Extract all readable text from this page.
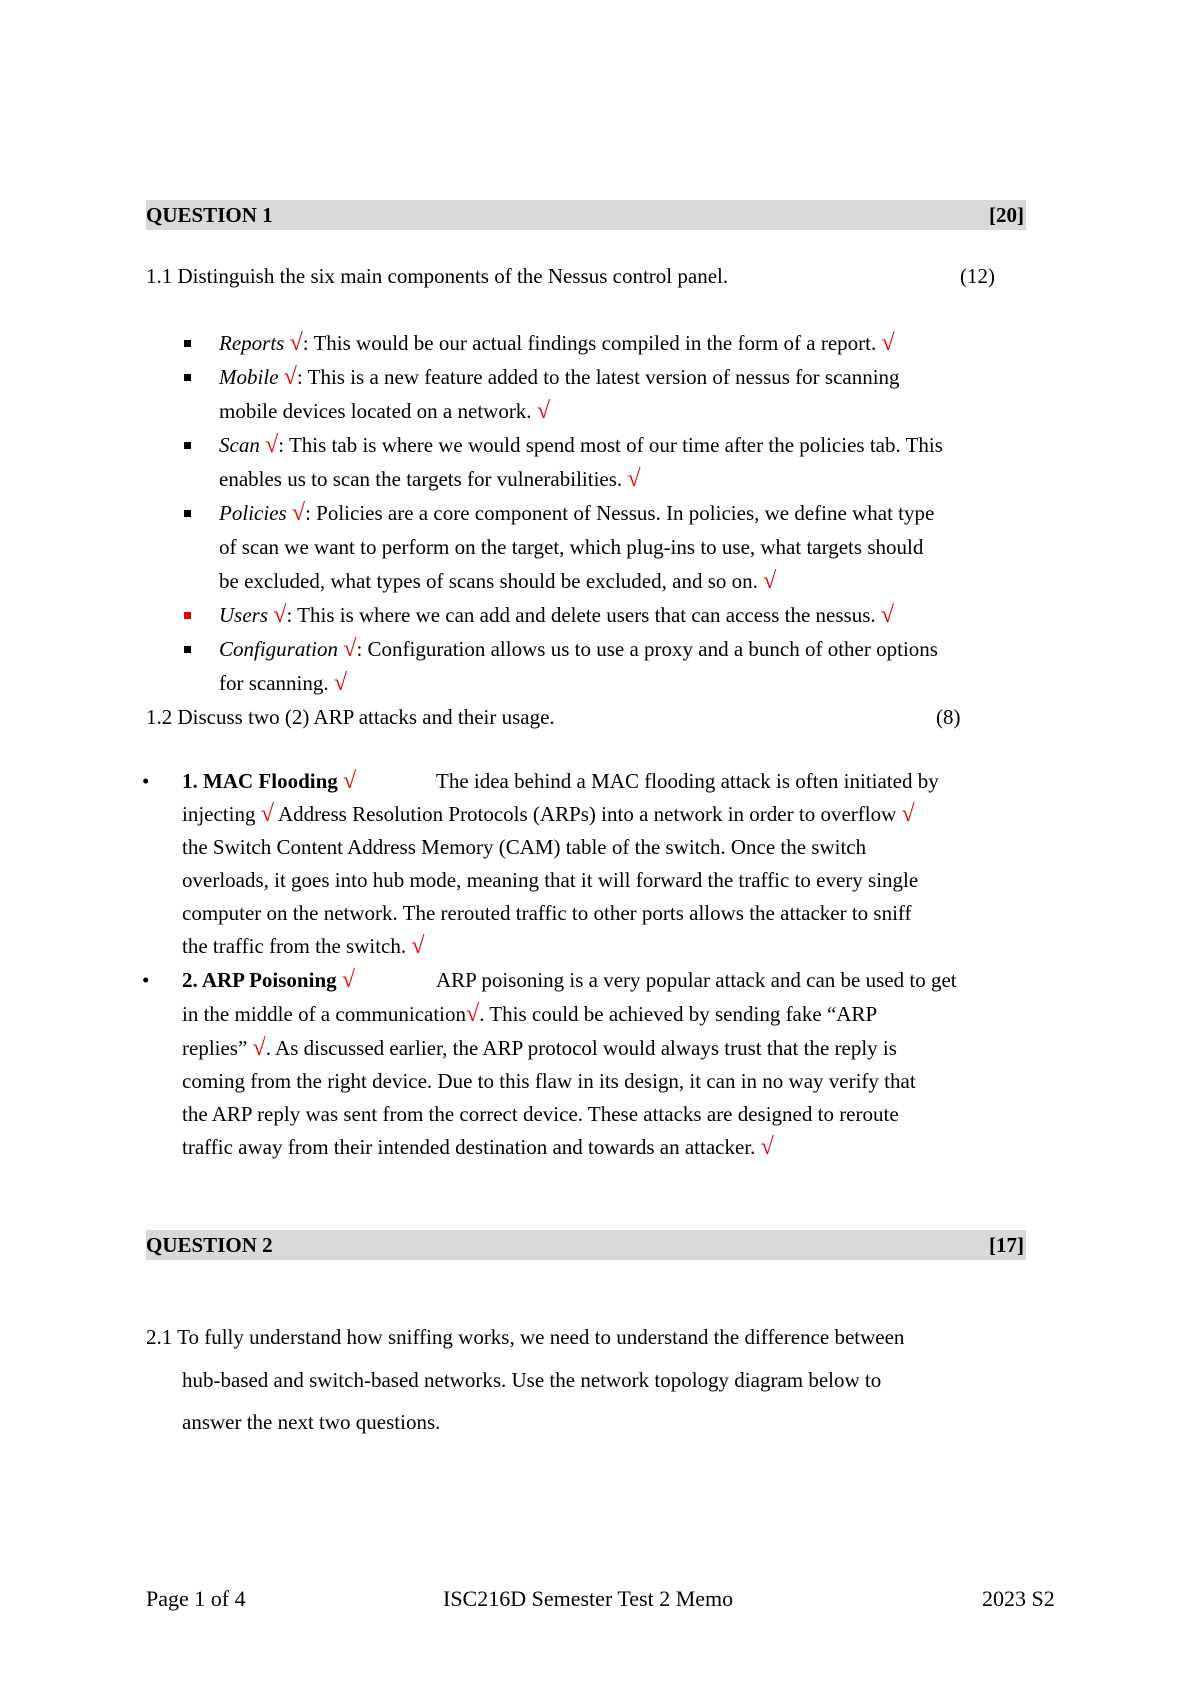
QUESTION 1	[20]
1.1 Distinguish the six main components of the Nessus control panel.	(12)
Reports √: This would be our actual findings compiled in the form of a report. √
Mobile √: This is a new feature added to the latest version of nessus for scanning
mobile devices located on a network. √
Scan √: This tab is where we would spend most of our time after the policies tab. This
enables us to scan the targets for vulnerabilities. √
Policies √: Policies are a core component of Nessus. In policies, we define what type
of scan we want to perform on the target, which plug-ins to use, what targets should
be excluded, what types of scans should be excluded, and so on. √
Users √: This is where we can add and delete users that can access the nessus. √
Configuration √: Configuration allows us to use a proxy and a bunch of other options
for scanning. √
1.2 Discuss two (2) ARP attacks and their usage.	(8)
• 1. MAC Flooding √	The idea behind a MAC flooding attack is often initiated by
injecting √ Address Resolution Protocols (ARPs) into a network in order to overflow √
the Switch Content Address Memory (CAM) table of the switch. Once the switch
overloads, it goes into hub mode, meaning that it will forward the traffic to every single
computer on the network. The rerouted traffic to other ports allows the attacker to sniff
the traffic from the switch. √
• 2. ARP Poisoning √	ARP poisoning is a very popular attack and can be used to get
in the middle of a communication√. This could be achieved by sending fake “ARP
replies” √. As discussed earlier, the ARP protocol would always trust that the reply is
coming from the right device. Due to this flaw in its design, it can in no way verify that
the ARP reply was sent from the correct device. These attacks are designed to reroute
traffic away from their intended destination and towards an attacker. √
QUESTION 2	[17]
2.1 To fully understand how sniffing works, we need to understand the difference between
hub-based and switch-based networks. Use the network topology diagram below to
answer the next two questions.
Page 1 of 4	ISC216D Semester Test 2 Memo	2023 S2
